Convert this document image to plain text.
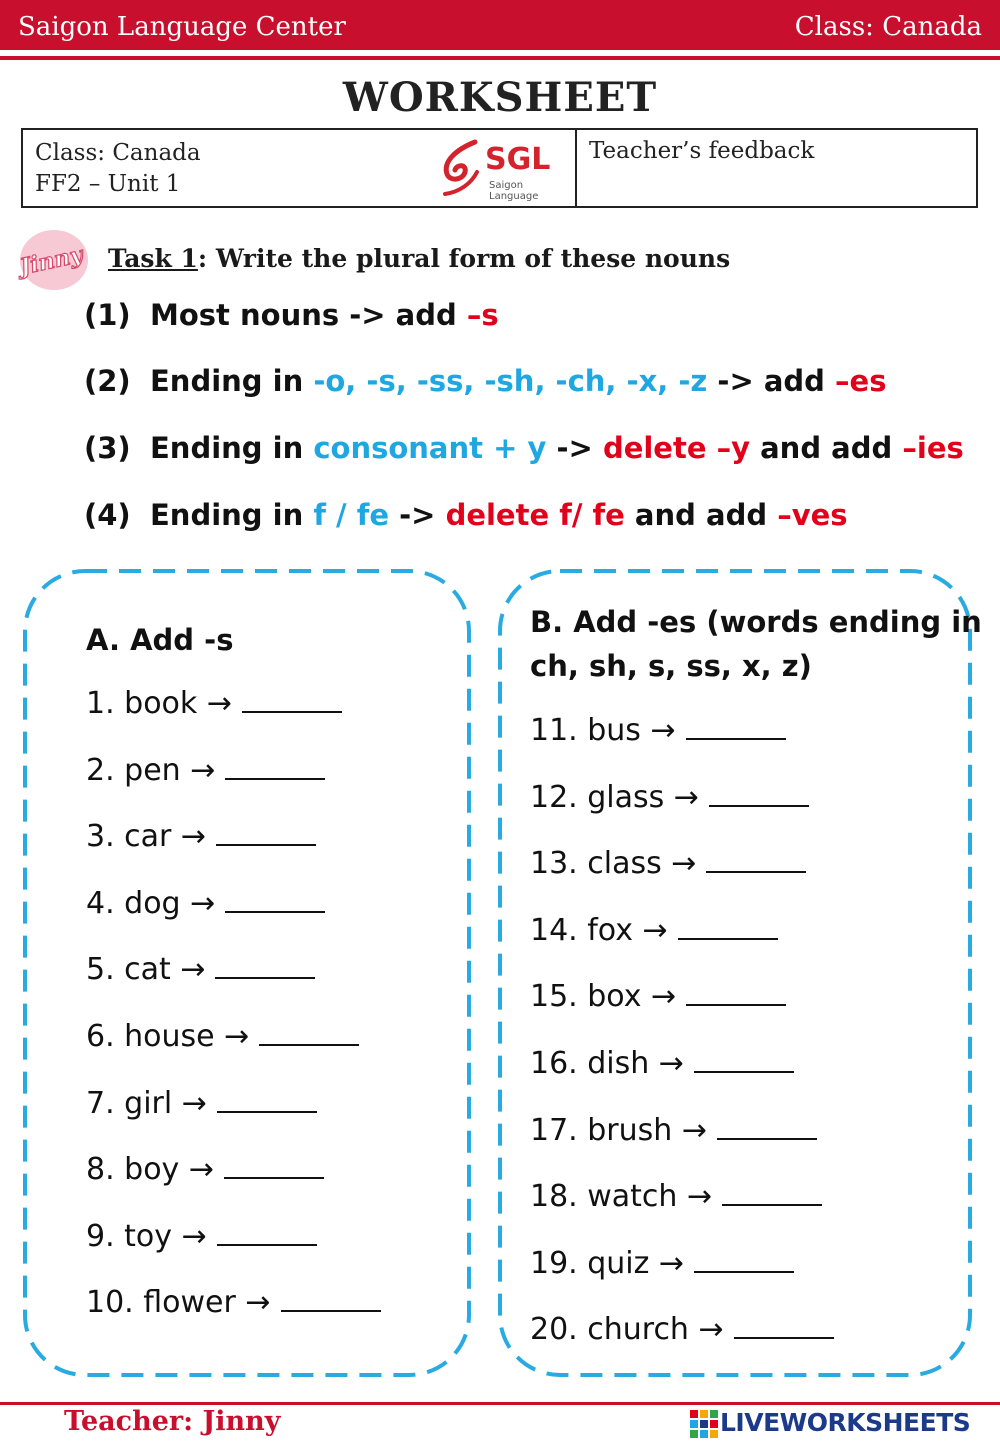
Saigon Language Center	Class: Canada
WORKSHEET
Class: Canada
FF2 – Unit 1
SGL
Saigon Language
Teacher’s feedback
Jinny Task 1: Write the plural form of these nouns
(1) Most nouns -> add –s
(2) Ending in -o, -s, -ss, -sh, -ch, -x, -z -> add –es
(3) Ending in consonant + y -> delete –y and add –ies
(4) Ending in f / fe -> delete f/ fe and add –ves
A. Add -s
1. book →
2. pen →
3. car →
4. dog →
5. cat →
6. house →
7. girl →
8. boy →
9. toy →
10. flower →
B. Add -es (words ending in
ch, sh, s, ss, x, z)
11. bus →
12. glass →
13. class →
14. fox →
15. box →
16. dish →
17. brush →
18. watch →
19. quiz →
20. church →
Teacher: Jinny	LIVEWORKSHEETS
